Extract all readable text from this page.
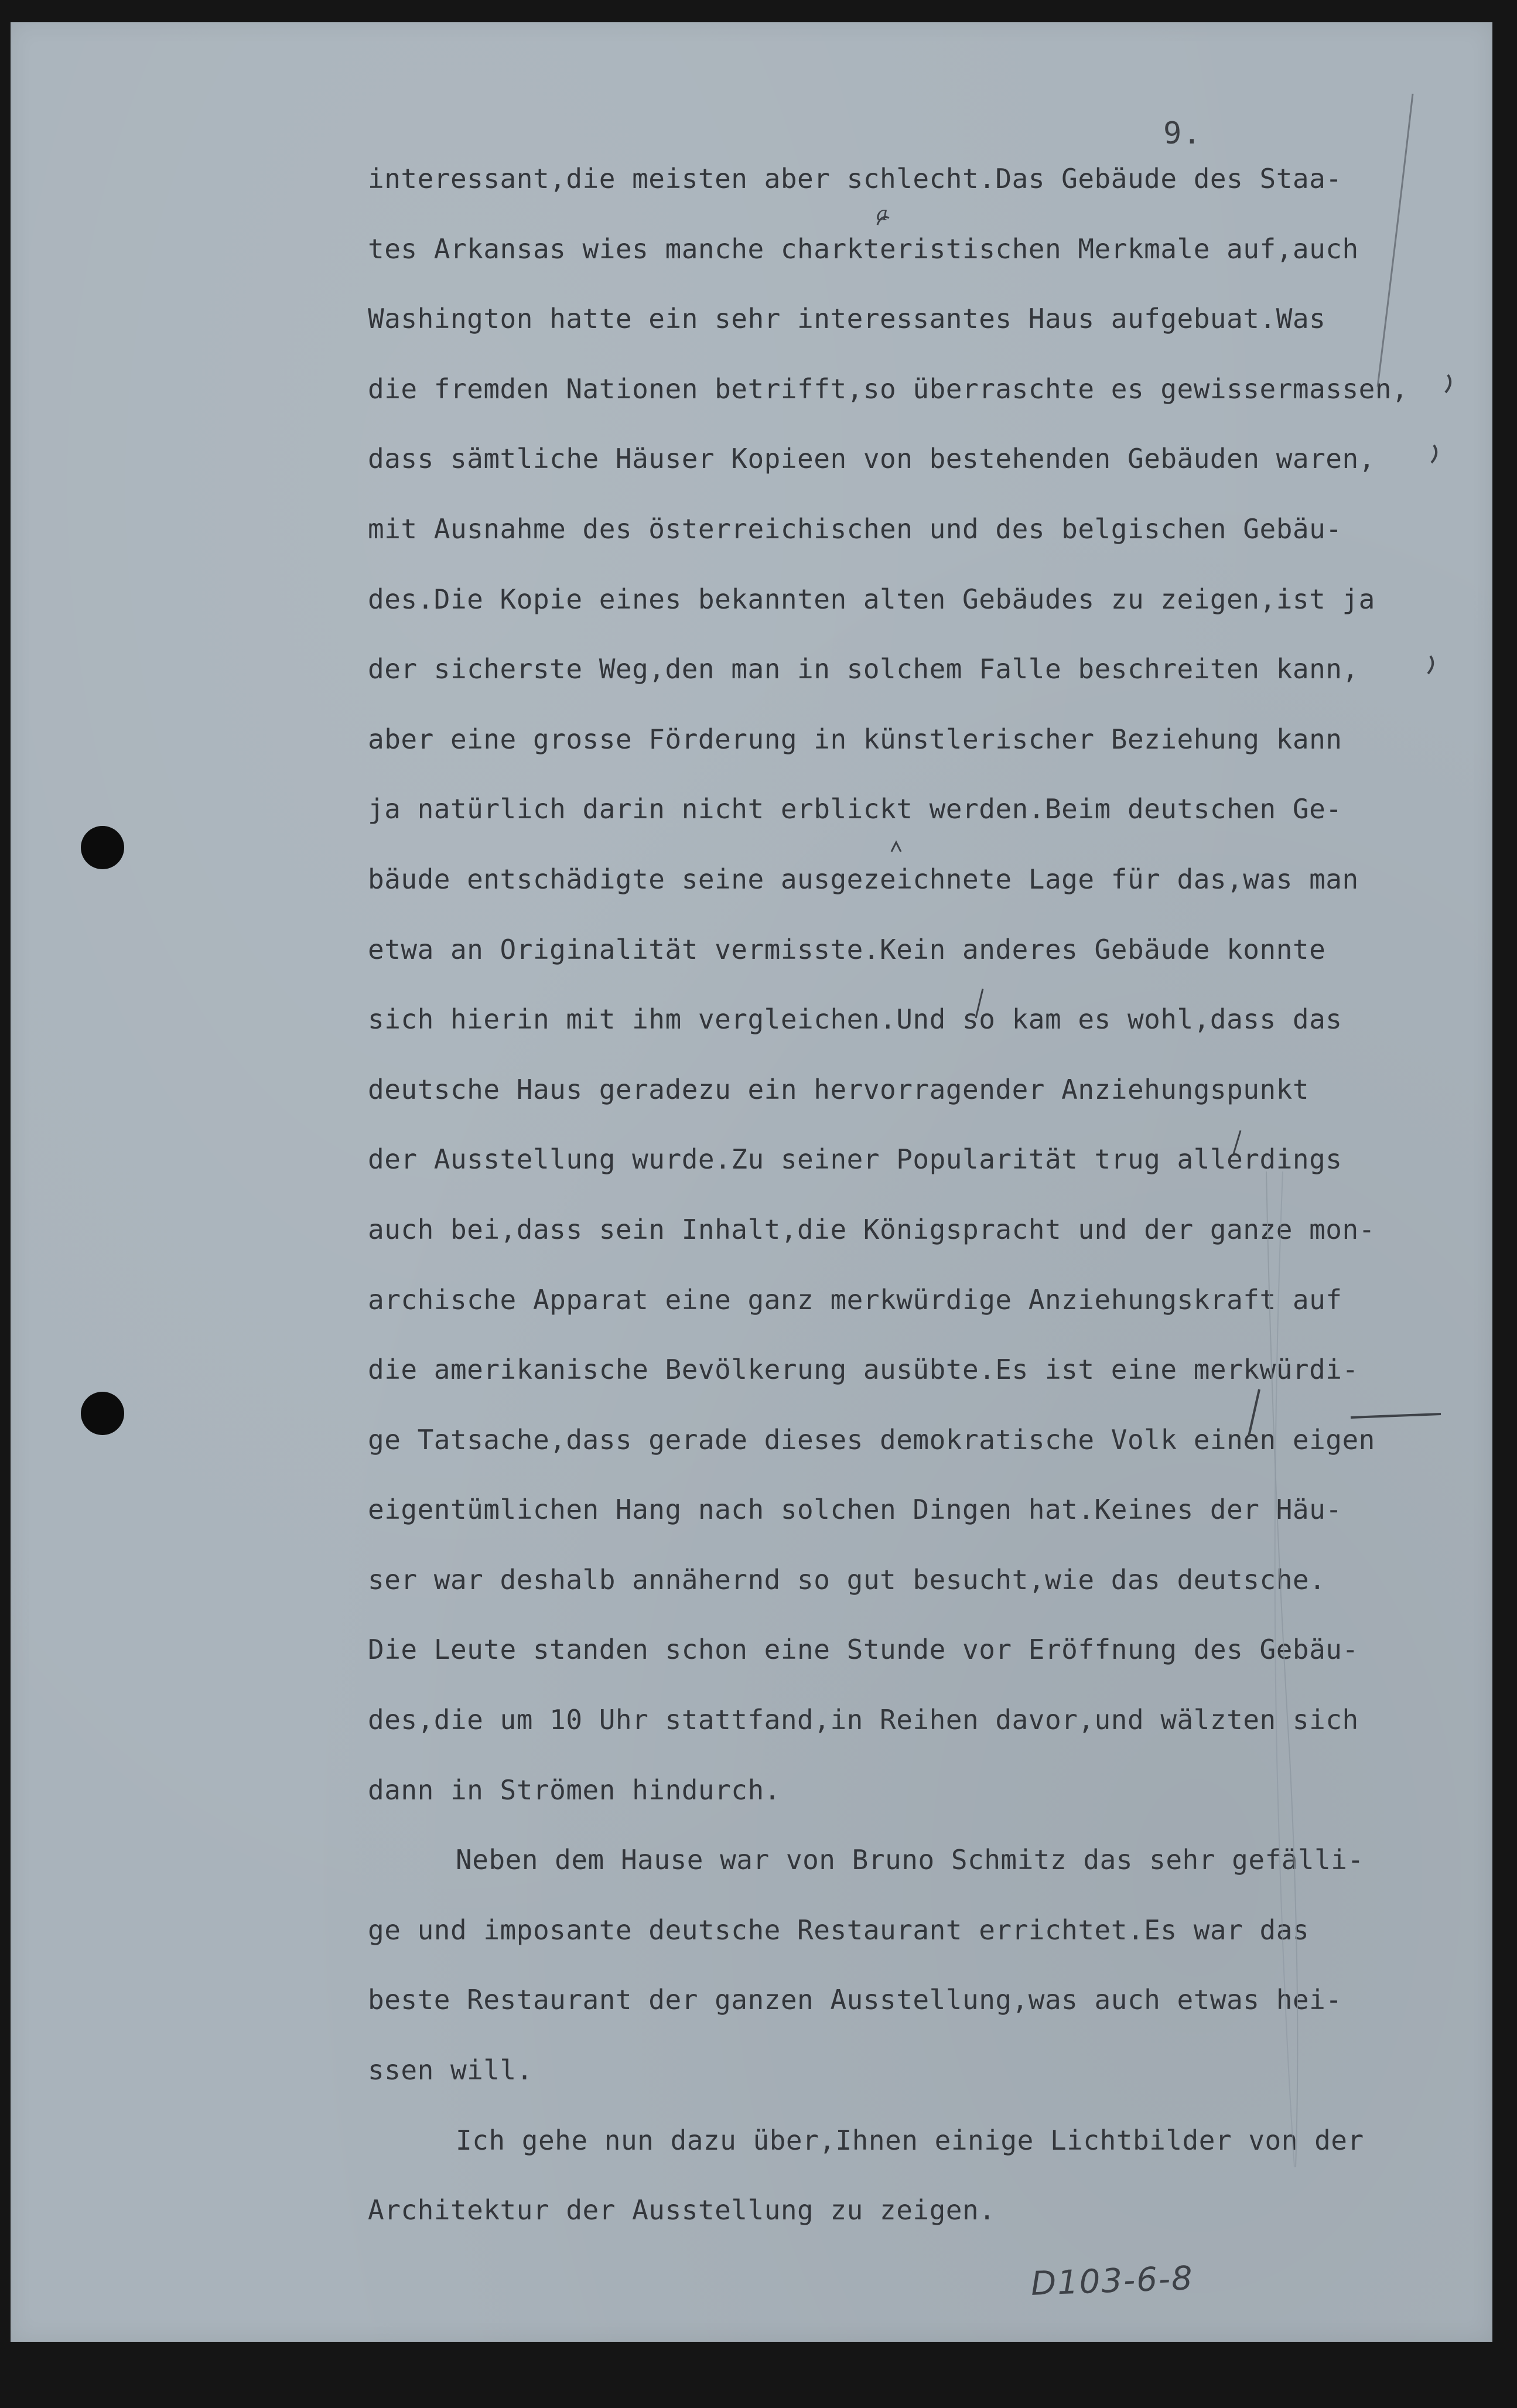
9.
interessant,die meisten aber schlecht.Das Gebäude des Staa-
tes Arkansas wies manche charkteristischen Merkmale auf,auch
Washington hatte ein sehr interessantes Haus aufgebuat.Was
die fremden Nationen betrifft,so überraschte es gewissermassen,
dass sämtliche Häuser Kopieen von bestehenden Gebäuden waren,
mit Ausnahme des österreichischen und des belgischen Gebäu-
des.Die Kopie eines bekannten alten Gebäudes zu zeigen,ist ja
der sicherste Weg,den man in solchem Falle beschreiten kann,
aber eine grosse Förderung in künstlerischer Beziehung kann
ja natürlich darin nicht erblickt werden.Beim deutschen Ge-
bäude entschädigte seine ausgezeichnete Lage für das,was man
etwa an Originalität vermisste.Kein anderes Gebäude konnte
sich hierin mit ihm vergleichen.Und so kam es wohl,dass das
deutsche Haus geradezu ein hervorragender Anziehungspunkt
der Ausstellung wurde.Zu seiner Popularität trug allerdings
auch bei,dass sein Inhalt,die Königspracht und der ganze mon-
archische Apparat eine ganz merkwürdige Anziehungskraft auf
die amerikanische Bevölkerung ausübte.Es ist eine merkwürdi-
ge Tatsache,dass gerade dieses demokratische Volk einen eigen
eigentümlichen Hang nach solchen Dingen hat.Keines der Häu-
ser war deshalb annähernd so gut besucht,wie das deutsche.
Die Leute standen schon eine Stunde vor Eröffnung des Gebäu-
des,die um 10 Uhr stattfand,in Reihen davor,und wälzten sich
dann in Strömen hindurch.
Neben dem Hause war von Bruno Schmitz das sehr gefälli-
ge und imposante deutsche Restaurant errichtet.Es war das
beste Restaurant der ganzen Ausstellung,was auch etwas hei-
ssen will.
Ich gehe nun dazu über,Ihnen einige Lichtbilder von der
Architektur der Ausstellung zu zeigen.
a
D103-6-8
